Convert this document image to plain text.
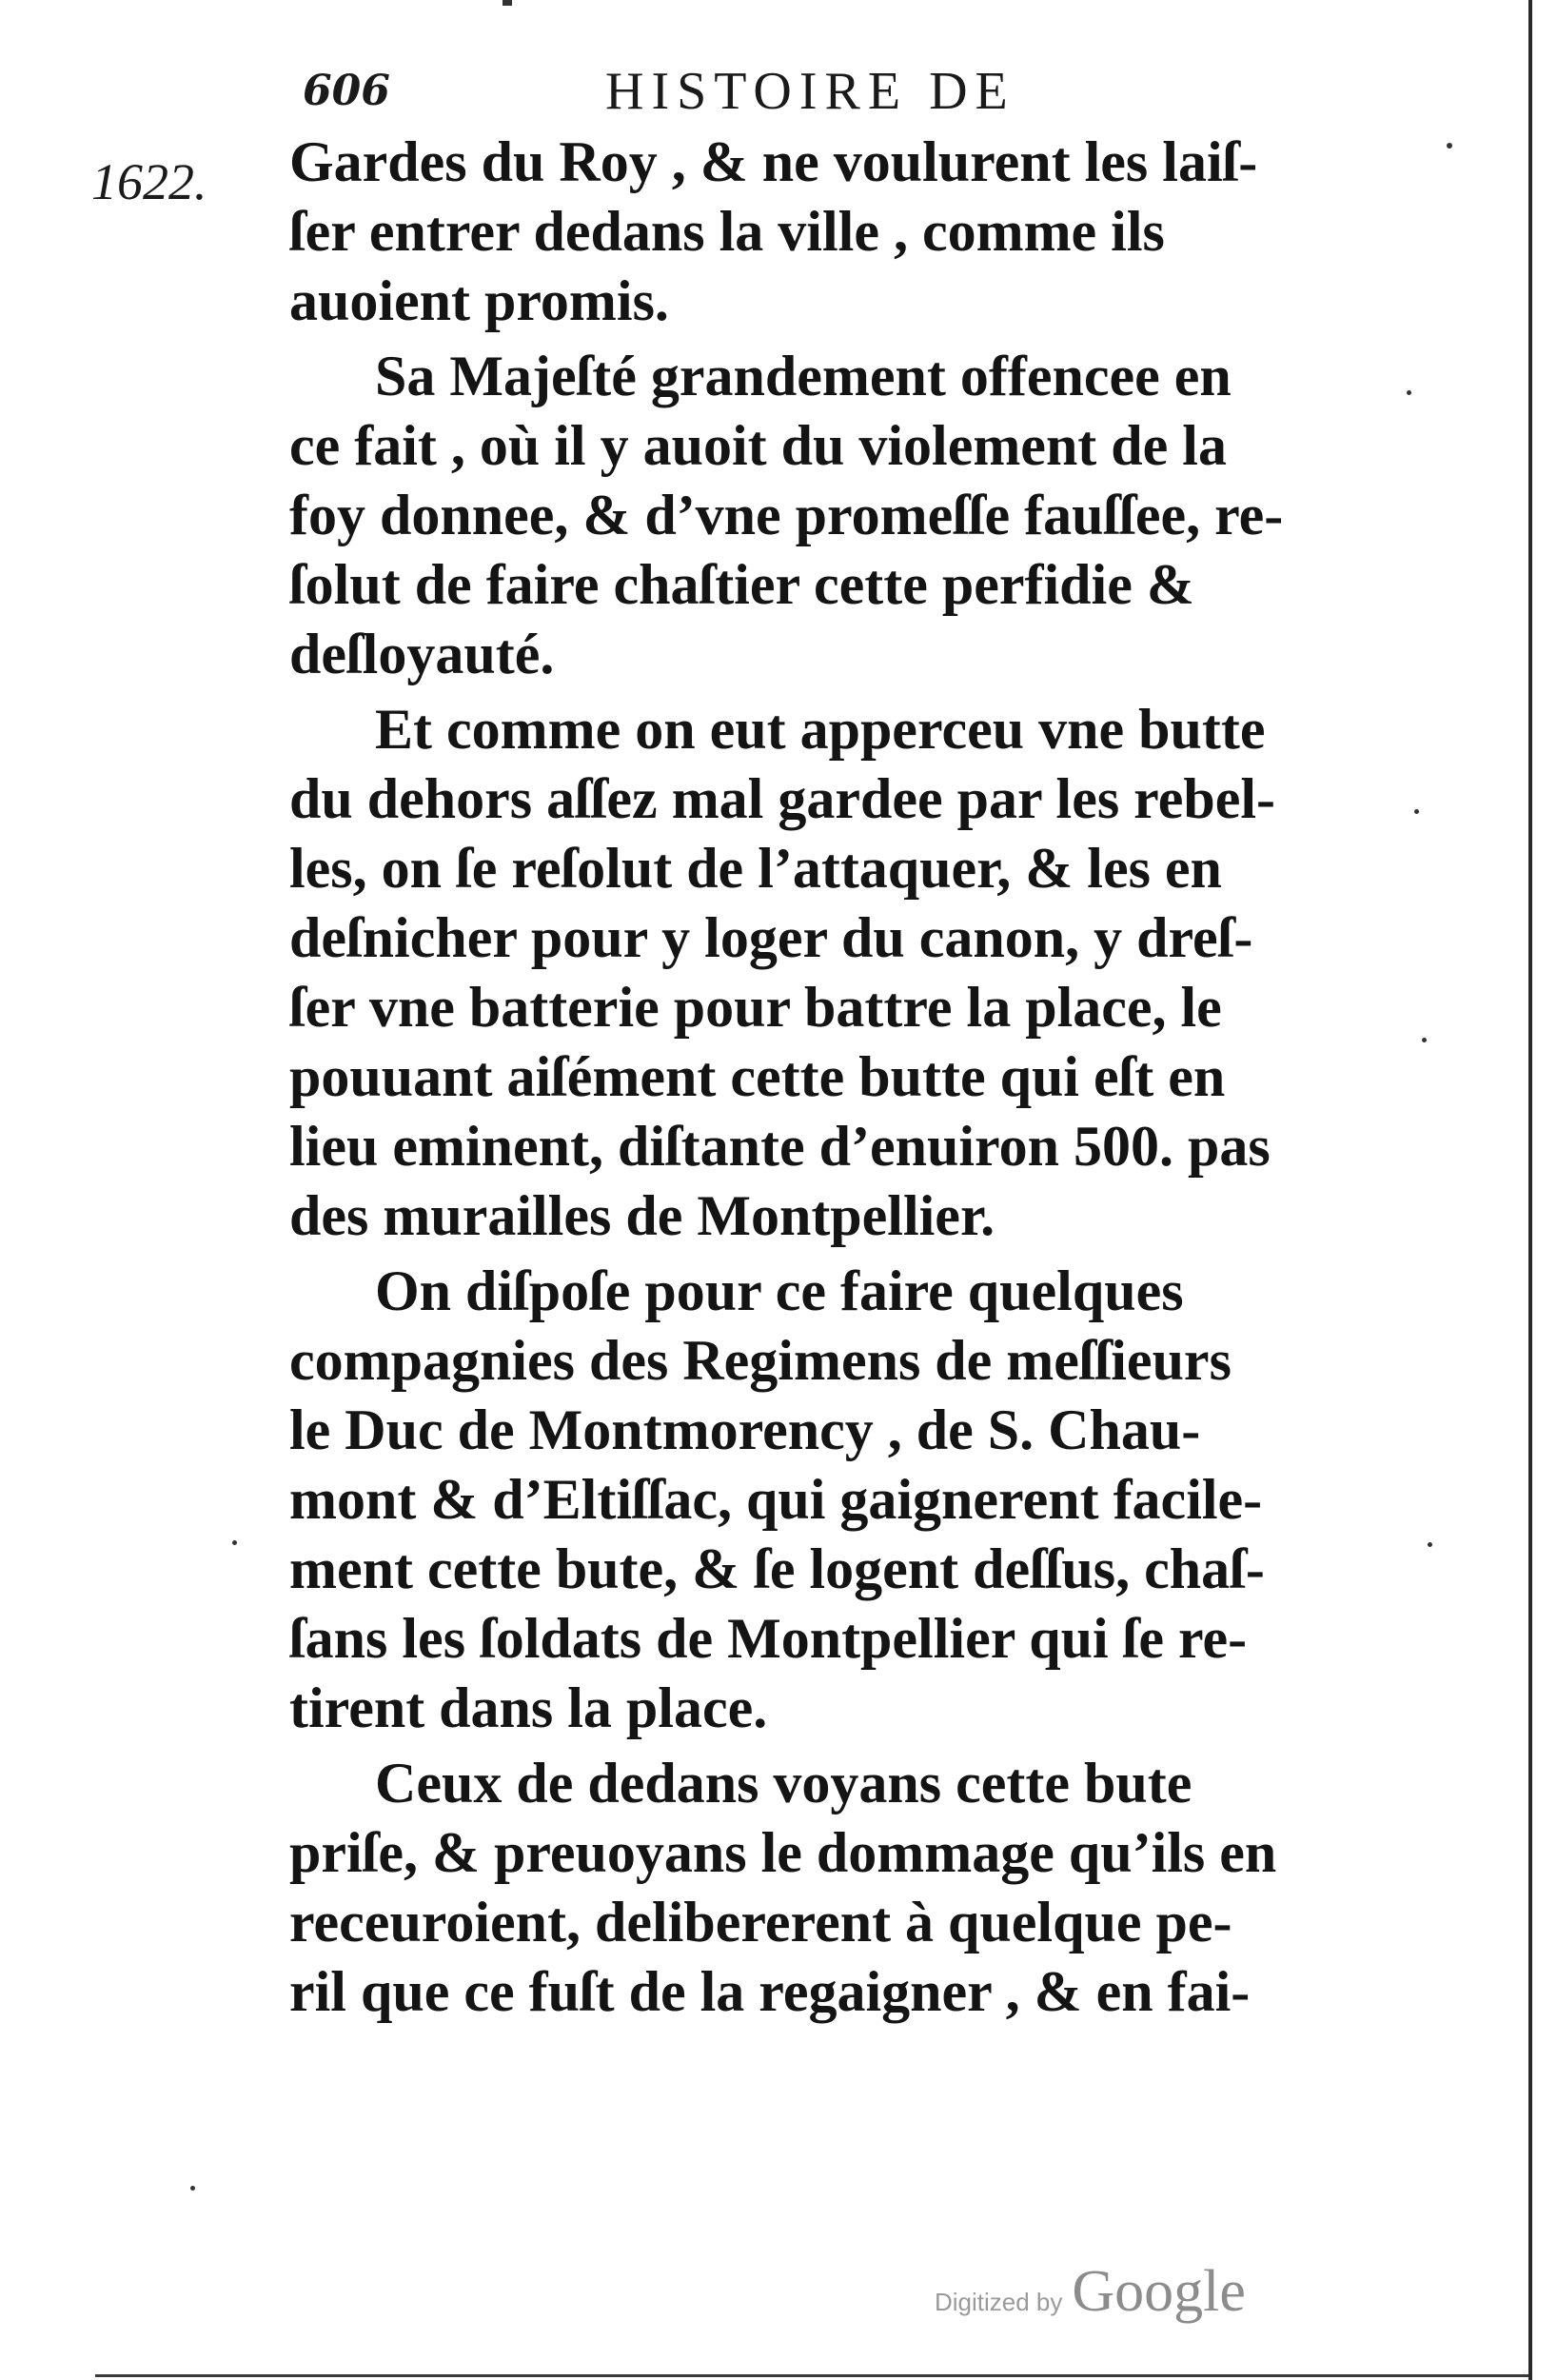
606	HISTOIRE DE
1622. Gardes du Roy , & ne voulurent les laiſ-
ſer entrer dedans la ville , comme ils
auoient promis.
Sa Majeſté grandement offencee en
ce fait , où il y auoit du violement de la
foy donnee, & d’vne promeſſe fauſſee, re-
ſolut de faire chaſtier cette perfidie &
deſloyauté.
Et comme on eut apperceu vne butte
du dehors aſſez mal gardee par les rebel-
les, on ſe reſolut de l’attaquer, & les en
deſnicher pour y loger du canon, y dreſ-
ſer vne batterie pour battre la place, le
pouuant aiſément cette butte qui eſt en
lieu eminent, diſtante d’enuiron 500. pas
des murailles de Montpellier.
On diſpoſe pour ce faire quelques
compagnies des Regimens de meſſieurs
le Duc de Montmorency , de S. Chau-
mont & d’Eltiſſac, qui gaignerent facile-
ment cette bute, & ſe logent deſſus, chaſ-
ſans les ſoldats de Montpellier qui ſe re-
tirent dans la place.
Ceux de dedans voyans cette bute
priſe, & preuoyans le dommage qu’ils en
receuroient, delibererent à quelque pe-
ril que ce fuſt de la regaigner , & en fai-
Digitized by Google
